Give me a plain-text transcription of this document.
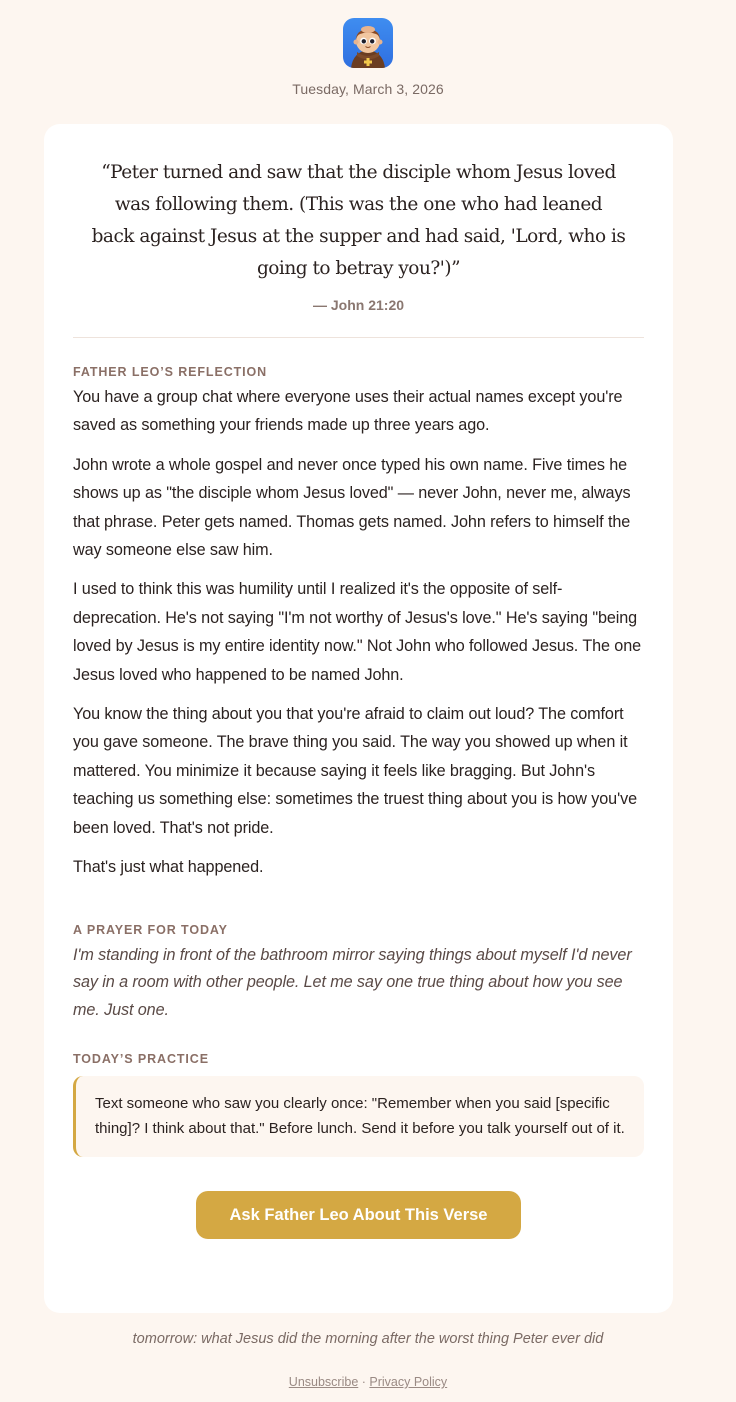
Tuesday, March 3, 2026
“Peter turned and saw that the disciple whom Jesus loved was following them. (This was the one who had leaned back against Jesus at the supper and had said, 'Lord, who is going to betray you?')”
— John 21:20
FATHER LEO’S REFLECTION

You have a group chat where everyone uses their actual names except you're saved as something your friends made up three years ago.

John wrote a whole gospel and never once typed his own name. Five times he shows up as "the disciple whom Jesus loved" — never John, never me, always that phrase. Peter gets named. Thomas gets named. John refers to himself the way someone else saw him.

I used to think this was humility until I realized it's the opposite of self-deprecation. He's not saying "I'm not worthy of Jesus's love." He's saying "being loved by Jesus is my entire identity now." Not John who followed Jesus. The one Jesus loved who happened to be named John.

You know the thing about you that you're afraid to claim out loud? The comfort you gave someone. The brave thing you said. The way you showed up when it mattered. You minimize it because saying it feels like bragging. But John's teaching us something else: sometimes the truest thing about you is how you've been loved. That's not pride.

That's just what happened.

A PRAYER FOR TODAY

I'm standing in front of the bathroom mirror saying things about myself I'd never say in a room with other people. Let me say one true thing about how you see me. Just one.

TODAY’S PRACTICE
Text someone who saw you clearly once: "Remember when you said [specific thing]? I think about that." Before lunch. Send it before you talk yourself out of it.
Ask Father Leo About This Verse
tomorrow: what Jesus did the morning after the worst thing Peter ever did
Unsubscribe · Privacy Policy
